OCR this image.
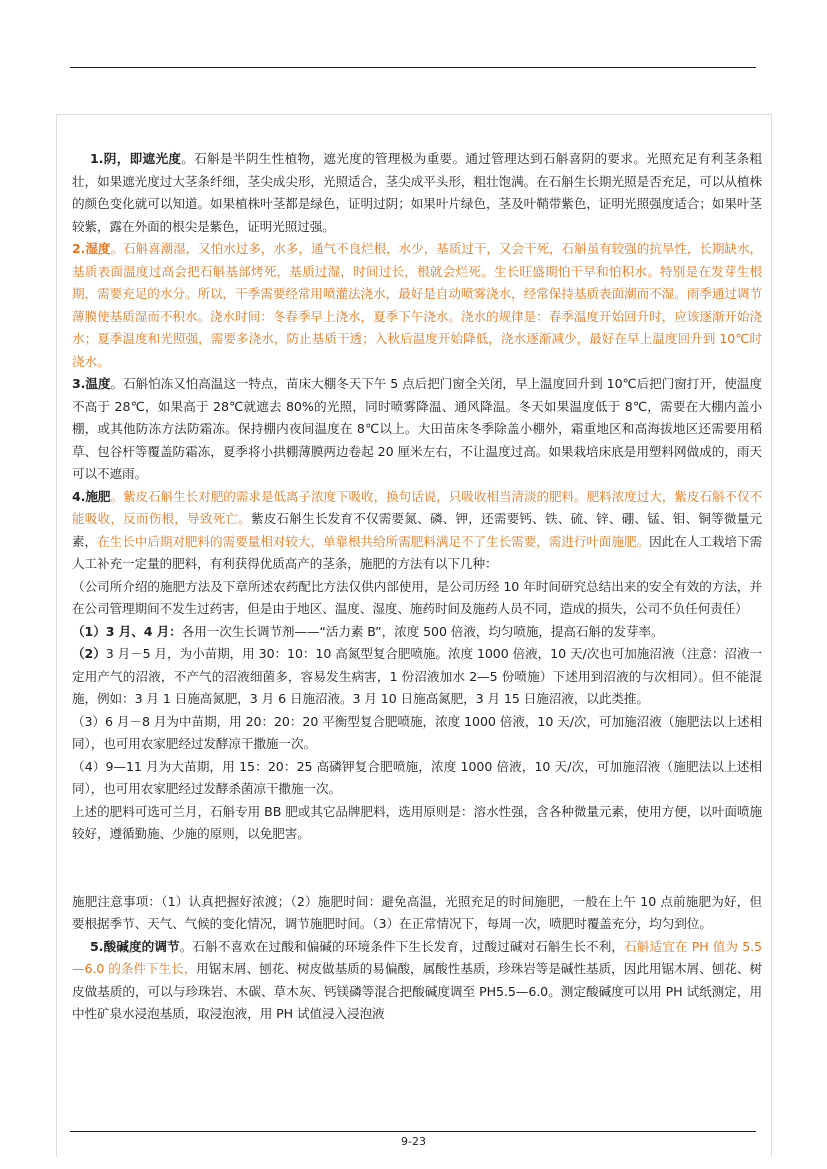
1.阴，即遮光度。石斛是半阴生性植物，遮光度的管理极为重要。通过管理达到石斛喜阴的要求。光照充足有利茎条粗壮，如果遮光度过大茎条纤细，茎尖成尖形，光照适合，茎尖成平头形，粗壮饱满。在石斛生长期光照是否充足，可以从植株的颜色变化就可以知道。如果植株叶茎都是绿色，证明过阴；如果叶片绿色，茎及叶鞘带紫色，证明光照强度适合；如果叶茎较紫，露在外面的根尖是紫色，证明光照过强。

2.湿度。石斛喜潮湿，又怕水过多，水多，通气不良烂根，水少，基质过干，又会干死，石斛虽有较强的抗旱性，长期缺水，基质表面温度过高会把石斛基部烤死，基质过湿，时间过长，根就会烂死。生长旺盛期怕干早和怕积水。特别是在发芽生根期，需要充足的水分。所以，干季需要经常用喷灌法浇水，最好是自动喷雾浇水，经常保持基质表面潮而不湿。雨季通过调节薄膜使基质湿而不积水。浇水时间：冬春季早上浇水，夏季下午浇水。浇水的规律是：春季温度开始回升时，应该逐渐开始浇水；夏季温度和光照强，需要多浇水，防止基质干透；入秋后温度开始降低，浇水逐渐减少，最好在早上温度回升到 10℃时浇水。

3.温度。石斛怕冻又怕高温这一特点，苗床大棚冬天下午 5 点后把门窗全关闭，早上温度回升到 10℃后把门窗打开，使温度不高于 28℃，如果高于 28℃就遮去 80%的光照，同时喷雾降温、通风降温。冬天如果温度低于 8℃，需要在大棚内盖小棚，或其他防冻方法防霜冻。保持棚内夜间温度在 8℃以上。大田苗床冬季除盖小棚外，霜重地区和高海拔地区还需要用稻草、包谷杆等覆盖防霜冻，夏季将小拱棚薄膜两边卷起 20 厘米左右，不让温度过高。如果栽培床底是用塑料网做成的，雨天可以不遮雨。

4.施肥。紫皮石斛生长对肥的需求是低离子浓度下吸收，换句话说，只吸收相当清淡的肥料。肥料浓度过大，紫皮石斛不仅不能吸收，反而伤根，导致死亡。紫皮石斛生长发育不仅需要氮、磷、钾，还需要钙、铁、硫、锌、硼、锰、钼、铜等微量元素，在生长中后期对肥料的需要量相对较大，单靠根共给所需肥料满足不了生长需要，需进行叶面施肥。因此在人工栽培下需人工补充一定量的肥料，有利获得优质高产的茎条，施肥的方法有以下几种：

（公司所介绍的施肥方法及下章所述农药配比方法仅供内部使用，是公司历经 10 年时间研究总结出来的安全有效的方法，并在公司管理期间不发生过药害，但是由于地区、温度、湿度、施药时间及施药人员不同，造成的损失，公司不负任何责任）

（1）3 月、4 月：各用一次生长调节剂——“活力素 B”，浓度 500 倍液，均匀喷施，提高石斛的发芽率。

（2）3 月－5 月，为小苗期，用 30：10：10 高氮型复合肥喷施。浓度 1000 倍液，10 天/次也可加施沼液（注意：沼液一定用产气的沼液，不产气的沼液细菌多，容易发生病害，1 份沼液加水 2—5 份喷施）下述用到沼液的与次相同）。但不能混施，例如：3 月 1 日施高氮肥，3 月 6 日施沼液。3 月 10 日施高氮肥，3 月 15 日施沼液，以此类推。

（3）6 月－8 月为中苗期，用 20：20：20 平衡型复合肥喷施，浓度 1000 倍液，10 天/次，可加施沼液（施肥法以上述相同），也可用农家肥经过发酵凉干撒施一次。

（4）9—11 月为大苗期，用 15：20：25 高磷钾复合肥喷施，浓度 1000 倍液，10 天/次，可加施沼液（施肥法以上述相同），也可用农家肥经过发酵杀菌凉干撒施一次。

上述的肥料可选可兰月，石斛专用 BB 肥或其它品牌肥料，选用原则是：溶水性强，含各种微量元素，使用方便，以叶面喷施较好，遵循勤施、少施的原则，以免肥害。

施肥注意事项：（1）认真把握好浓渡；（2）施肥时间：避免高温，光照充足的时间施肥，一般在上午 10 点前施肥为好，但要根据季节、天气、气候的变化情况，调节施肥时间。（3）在正常情况下，每周一次，喷肥时覆盖充分，均匀到位。

5.酸碱度的调节。石斛不喜欢在过酸和偏碱的环境条件下生长发育，过酸过碱对石斛生长不利，石斛适宜在 PH 值为 5.5—6.0 的条件下生长，用锯末屑、刨花、树皮做基质的易偏酸，属酸性基质，珍珠岩等是碱性基质，因此用锯木屑、刨花、树皮做基质的，可以与珍珠岩、木碳、草木灰、钙镁磷等混合把酸碱度调至 PH5.5—6.0。测定酸碱度可以用 PH 试纸测定，用中性矿泉水浸泡基质，取浸泡液，用 PH 试值浸入浸泡液

9-23
